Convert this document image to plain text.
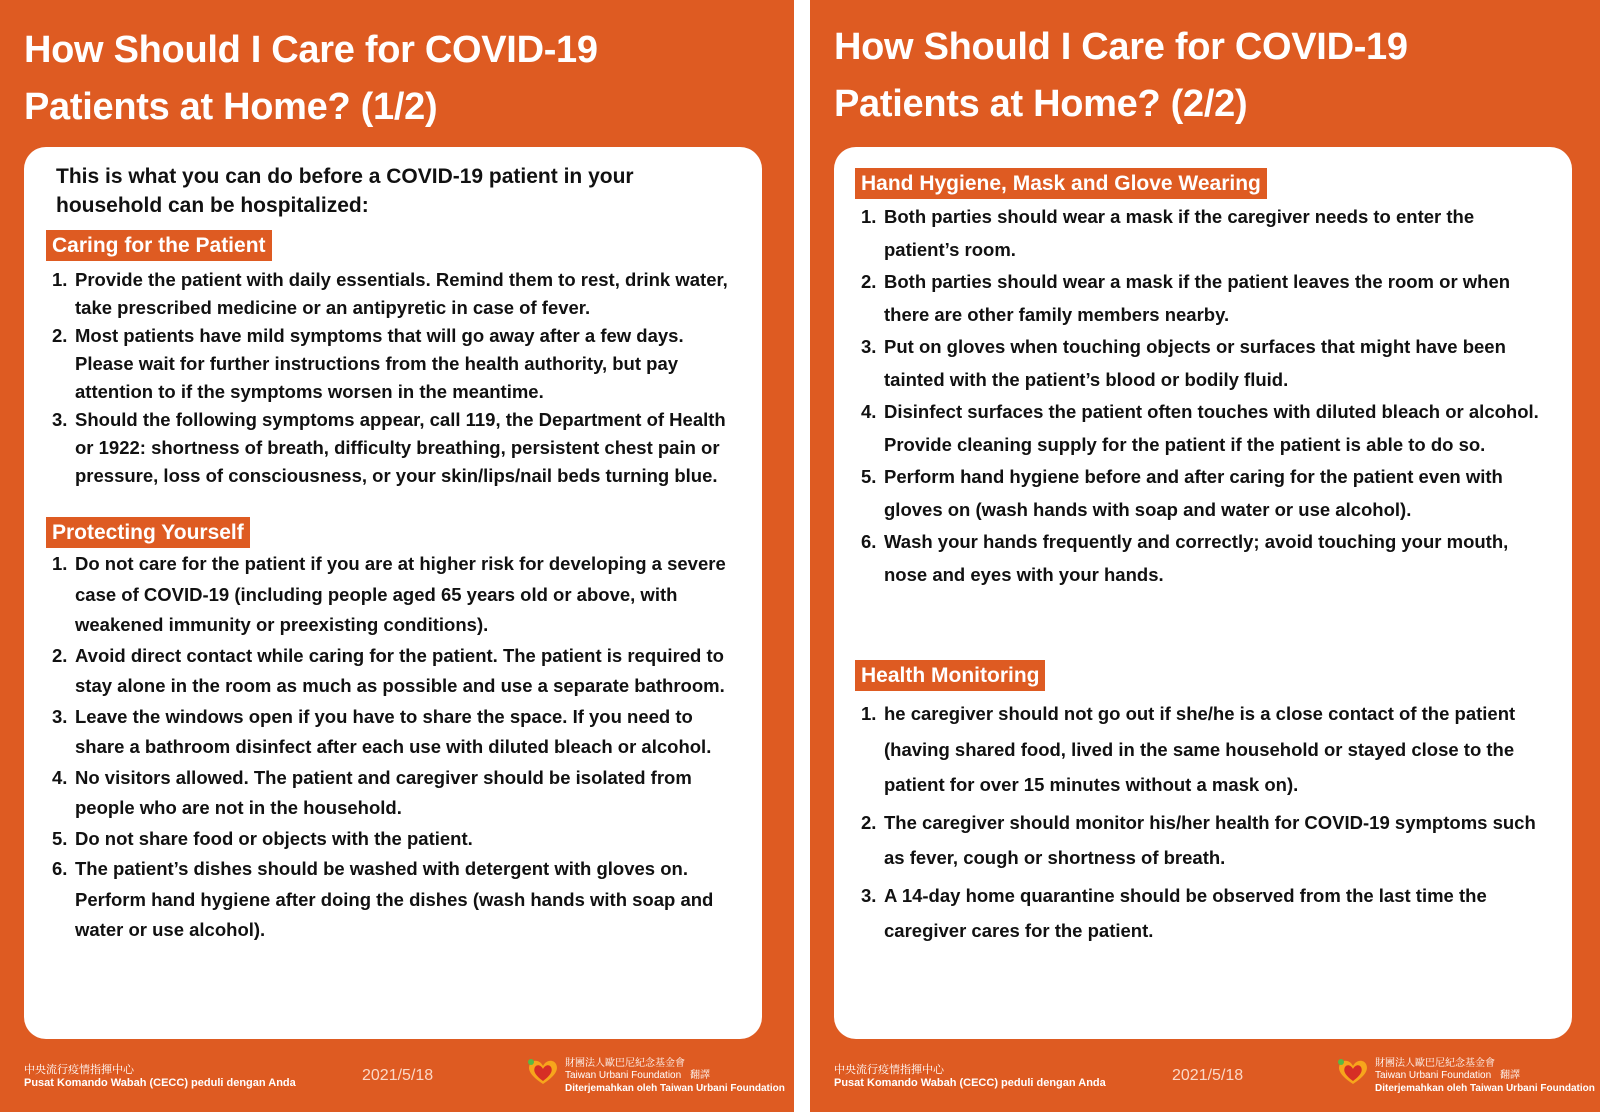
How Should I Care for COVID-19
Patients at Home? (1/2)
This is what you can do before a COVID-19 patient in your household can be hospitalized:
Caring for the Patient
1. Provide the patient with daily essentials. Remind them to rest, drink water, take prescribed medicine or an antipyretic in case of fever.
2. Most patients have mild symptoms that will go away after a few days. Please wait for further instructions from the health authority, but pay attention to if the symptoms worsen in the meantime.
3. Should the following symptoms appear, call 119, the Department of Health or 1922: shortness of breath, difficulty breathing, persistent chest pain or pressure, loss of consciousness, or your skin/lips/nail beds turning blue.
Protecting Yourself
1. Do not care for the patient if you are at higher risk for developing a severe case of COVID-19 (including people aged 65 years old or above, with weakened immunity or preexisting conditions).
2. Avoid direct contact while caring for the patient. The patient is required to stay alone in the room as much as possible and use a separate bathroom.
3. Leave the windows open if you have to share the space. If you need to share a bathroom disinfect after each use with diluted bleach or alcohol.
4. No visitors allowed. The patient and caregiver should be isolated from people who are not in the household.
5. Do not share food or objects with the patient.
6. The patient’s dishes should be washed with detergent with gloves on. Perform hand hygiene after doing the dishes (wash hands with soap and water or use alcohol).
中央流行疫情指揮中心
Pusat Komando Wabah (CECC) peduli dengan Anda	2021/5/18
財團法人歐巴尼紀念基金會
Taiwan Urbani Foundation
Diterjemahkan oleh Taiwan Urbani Foundation
翻譯
How Should I Care for COVID-19
Patients at Home? (2/2)
Hand Hygiene, Mask and Glove Wearing
1. Both parties should wear a mask if the caregiver needs to enter the patient’s room.
2. Both parties should wear a mask if the patient leaves the room or when there are other family members nearby.
3. Put on gloves when touching objects or surfaces that might have been tainted with the patient’s blood or bodily fluid.
4. Disinfect surfaces the patient often touches with diluted bleach or alcohol. Provide cleaning supply for the patient if the patient is able to do so.
5. Perform hand hygiene before and after caring for the patient even with gloves on (wash hands with soap and water or use alcohol).
6. Wash your hands frequently and correctly; avoid touching your mouth, nose and eyes with your hands.
Health Monitoring
1. he caregiver should not go out if she/he is a close contact of the patient (having shared food, lived in the same household or stayed close to the patient for over 15 minutes without a mask on).
2. The caregiver should monitor his/her health for COVID-19 symptoms such as fever, cough or shortness of breath.
3. A 14-day home quarantine should be observed from the last time the caregiver cares for the patient.
中央流行疫情指揮中心
Pusat Komando Wabah (CECC) peduli dengan Anda	2021/5/18
財團法人歐巴尼紀念基金會
Taiwan Urbani Foundation
Diterjemahkan oleh Taiwan Urbani Foundation
翻譯
